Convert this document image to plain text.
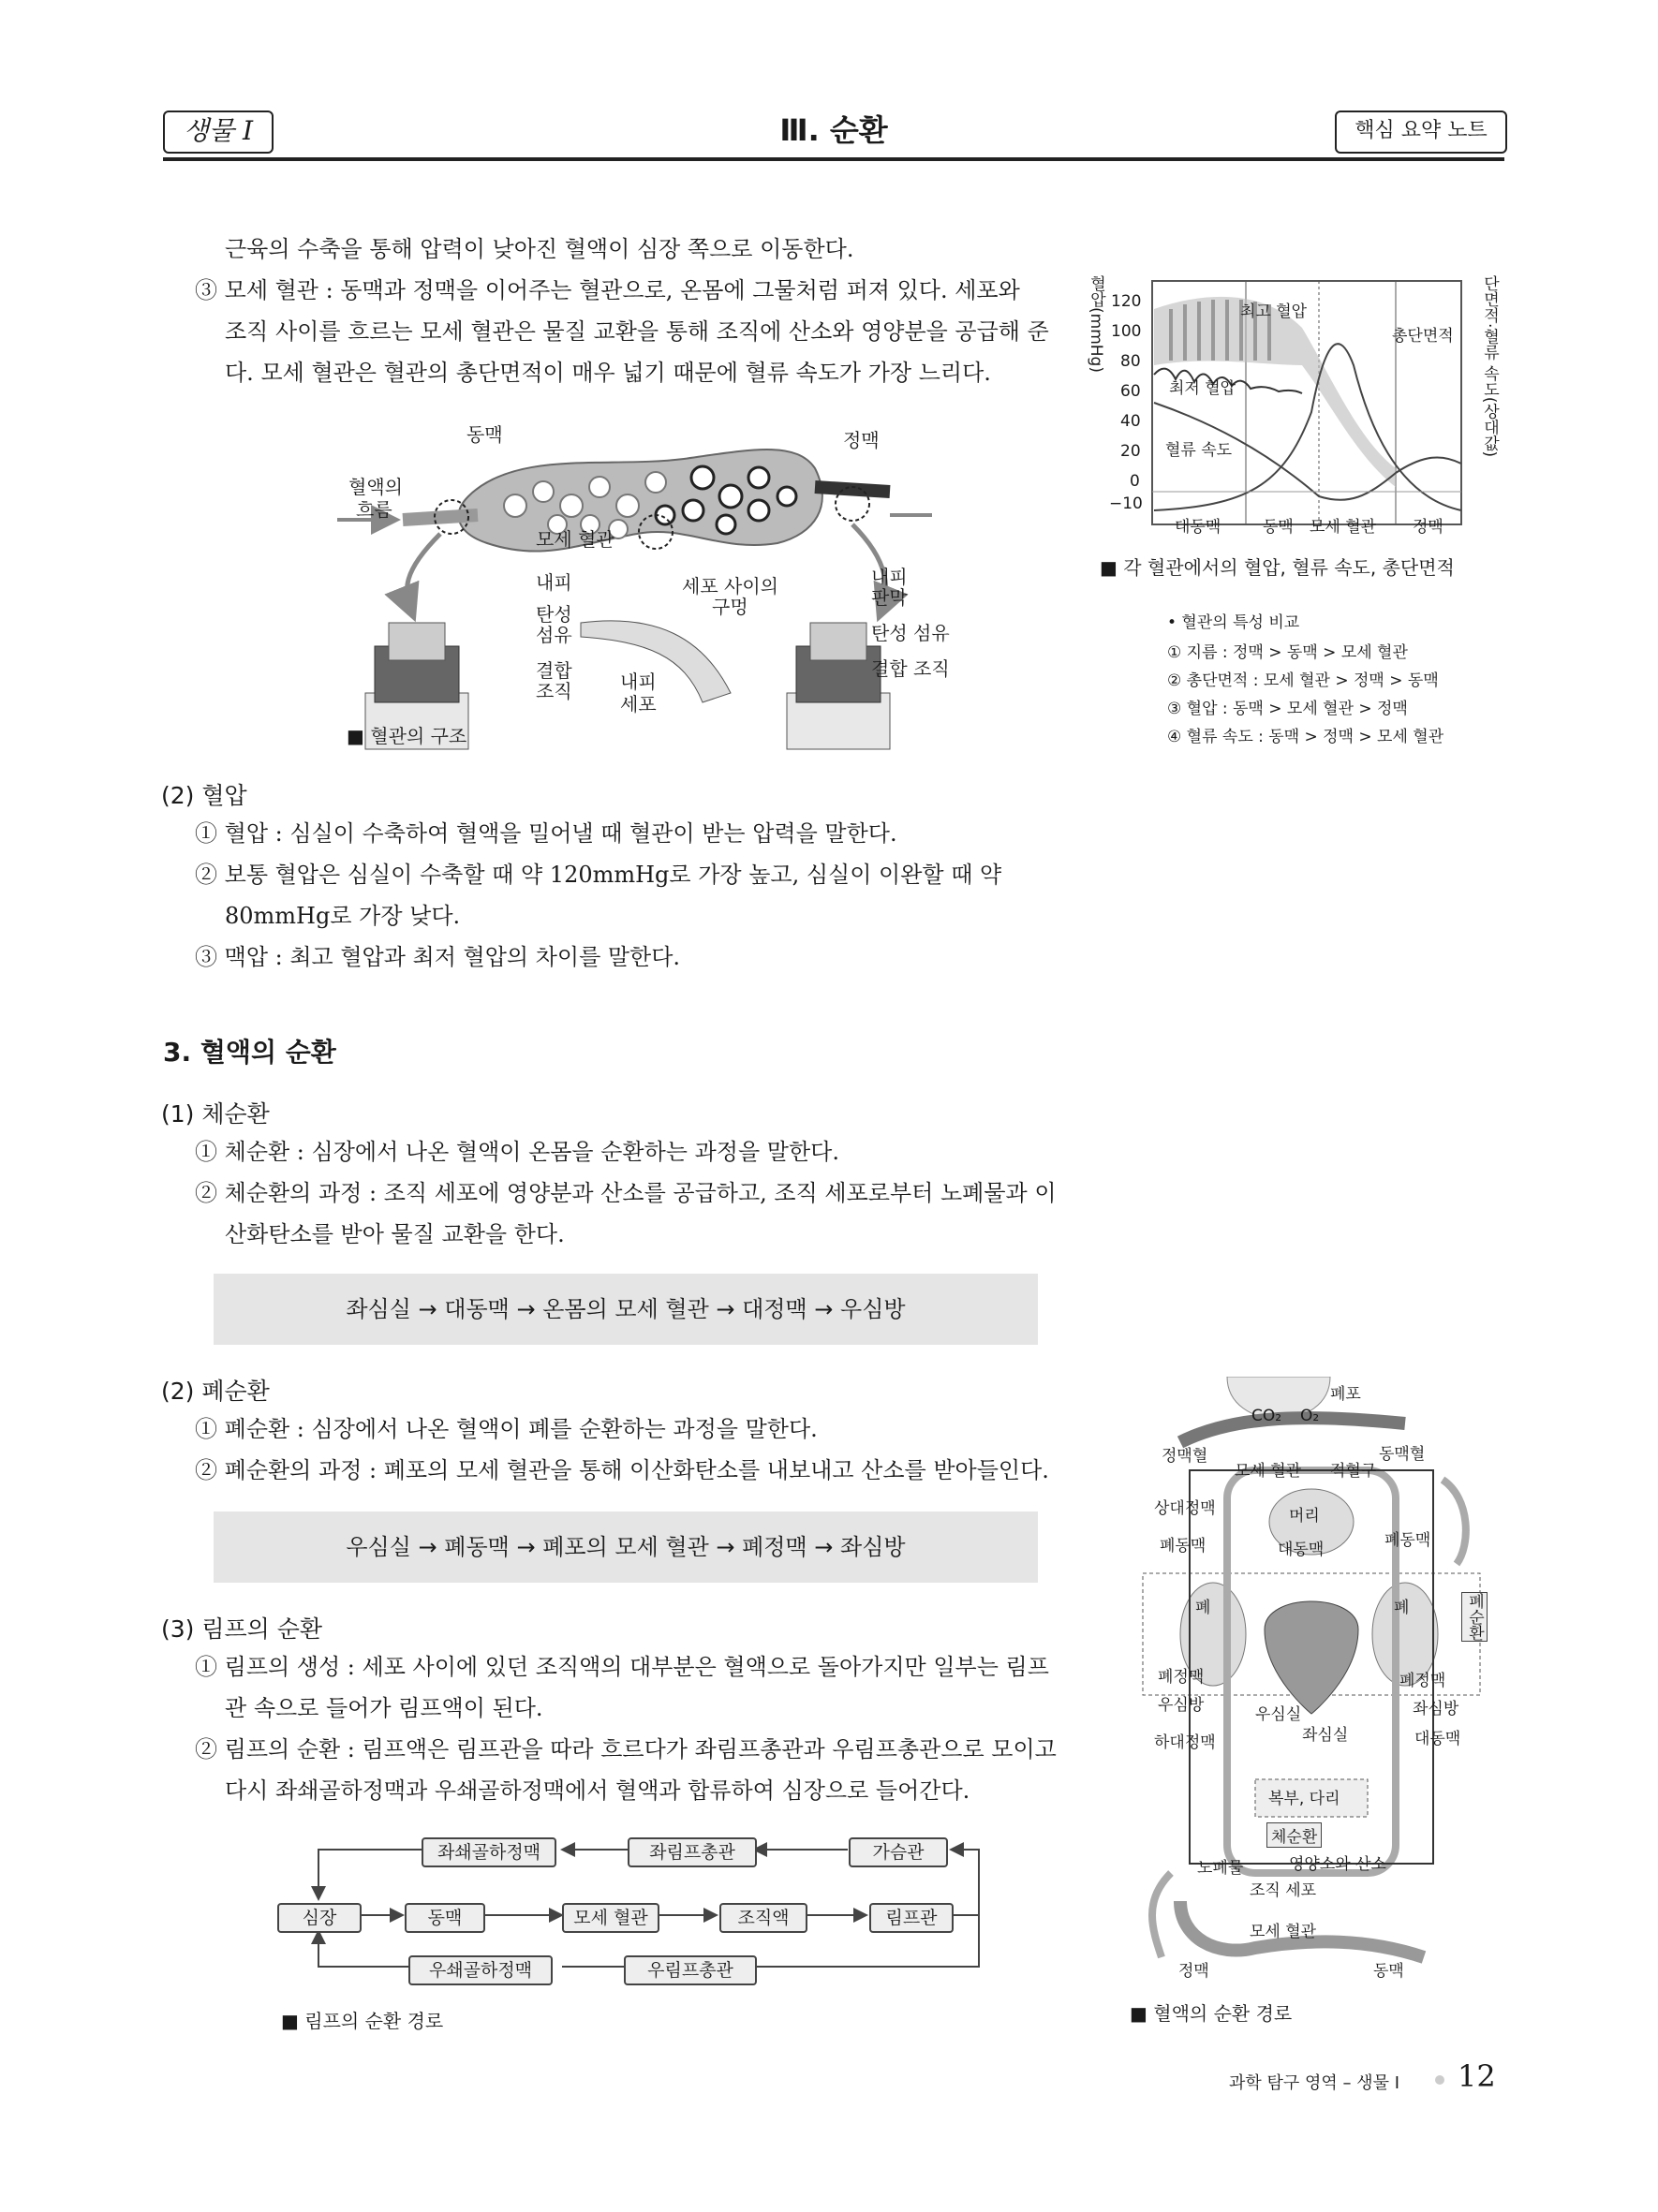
생물 I	Ⅲ. 순환	핵심 요약 노트
근육의 수축을 통해 압력이 낮아진 혈액이 심장 쪽으로 이동한다.
③ 모세 혈관 : 동맥과 정맥을 이어주는 혈관으로, 온몸에 그물처럼 퍼져 있다. 세포와
조직 사이를 흐르는 모세 혈관은 물질 교환을 통해 조직에 산소와 영양분을 공급해 준
다. 모세 혈관은 혈관의 총단면적이 매우 넓기 때문에 혈류 속도가 가장 느리다.
동맥	정맥
혈액의
흐름
모세 혈관
내피
탄성
섬유
결합
조직
세포 사이의
구멍
내피
세포
내피
판막
탄성 섬유
결합 조직
■ 혈관의 구조
혈압(mmHg)	단면적·혈류 속도(상대값)
120
100
80
60
40
20
0
−10
최고 혈압
총단면적
최저 혈압
혈류 속도
대동맥	동맥 모세 혈관 정맥
■ 각 혈관에서의 혈압, 혈류 속도, 총단면적
• 혈관의 특성 비교
① 지름 : 정맥 > 동맥 > 모세 혈관
② 총단면적 : 모세 혈관 > 정맥 > 동맥
③ 혈압 : 동맥 > 모세 혈관 > 정맥
④ 혈류 속도 : 동맥 > 정맥 > 모세 혈관
(2) 혈압
① 혈압 : 심실이 수축하여 혈액을 밀어낼 때 혈관이 받는 압력을 말한다.
② 보통 혈압은 심실이 수축할 때 약 120mmHg로 가장 높고, 심실이 이완할 때 약
80mmHg로 가장 낮다.
③ 맥압 : 최고 혈압과 최저 혈압의 차이를 말한다.
3. 혈액의 순환
(1) 체순환
① 체순환 : 심장에서 나온 혈액이 온몸을 순환하는 과정을 말한다.
② 체순환의 과정 : 조직 세포에 영양분과 산소를 공급하고, 조직 세포로부터 노폐물과 이
산화탄소를 받아 물질 교환을 한다.
좌심실 → 대동맥 → 온몸의 모세 혈관 → 대정맥 → 우심방
(2) 폐순환
① 폐순환 : 심장에서 나온 혈액이 폐를 순환하는 과정을 말한다.
② 폐순환의 과정 : 폐포의 모세 혈관을 통해 이산화탄소를 내보내고 산소를 받아들인다.
우심실 → 폐동맥 → 폐포의 모세 혈관 → 폐정맥 → 좌심방
(3) 림프의 순환
① 림프의 생성 : 세포 사이에 있던 조직액의 대부분은 혈액으로 돌아가지만 일부는 림프
관 속으로 들어가 림프액이 된다.
② 림프의 순환 : 림프액은 림프관을 따라 흐르다가 좌림프총관과 우림프총관으로 모이고
다시 좌쇄골하정맥과 우쇄골하정맥에서 혈액과 합류하여 심장으로 들어간다.
심장	동맥	모세 혈관	조직액	림프관
좌쇄골하정맥	좌림프총관	가슴관
우쇄골하정맥	우림프총관
■ 림프의 순환 경로
폐포
CO₂ O₂
정맥혈	동맥혈
모세 혈관 적혈구
상대정맥	머리
폐동맥	대동맥	폐동맥
폐	폐	폐순환
폐정맥	폐정맥
우심방	좌심방
우심실
좌심실
하대정맥	대동맥
복부, 다리
체순환
노폐물	영양소와 산소
조직 세포
모세 혈관
정맥	동맥
■ 혈액의 순환 경로
과학 탐구 영역 – 생물 I 12
